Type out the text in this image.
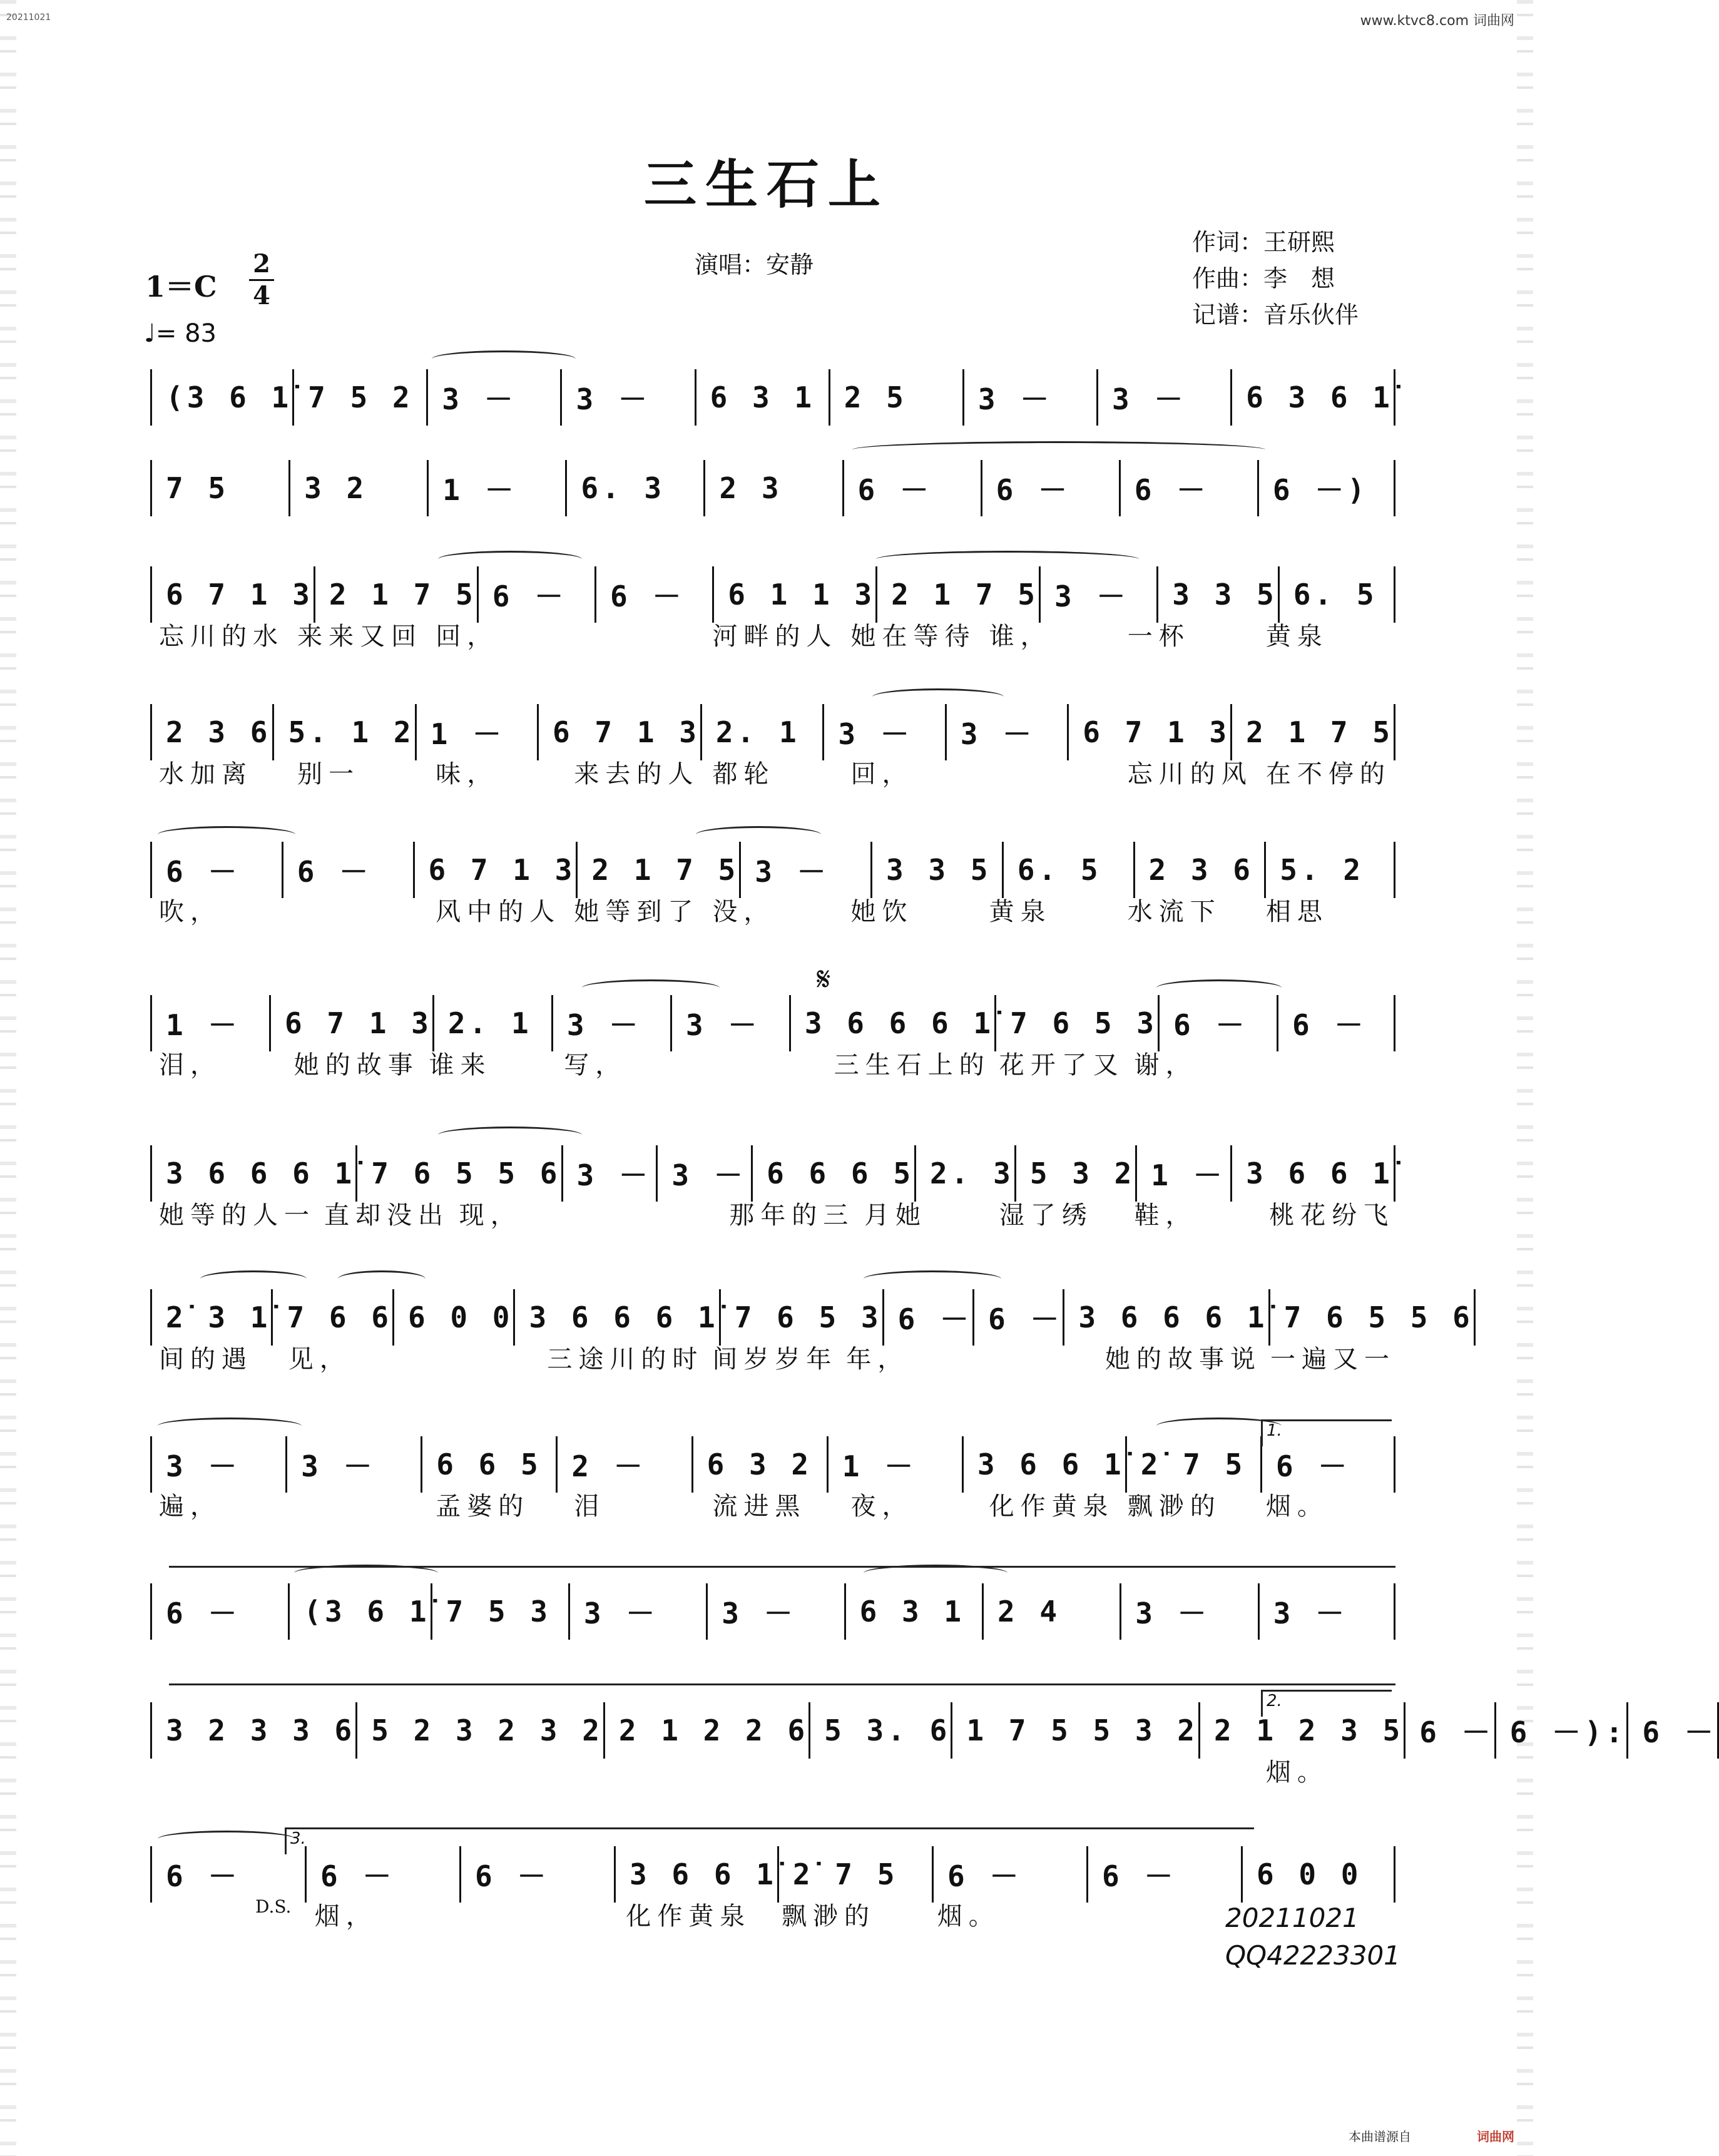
20211021	www.ktvc8.com 词曲网
三生石上
演唱：安静
作词：王研熙
作曲：李　想
记谱：音乐伙伴
1＝C
2
4
♩= 83
(3 6 1̇ 7 5 2 3 －	3 －	6 3 1 2 5	3 －	3 －	6 3 6 1̇
7 5	3 2	1 －	6. 3	2 3	6 －	6 －	6 －	6 －)
6 7 1 3 2 1 7 5 6 －	6 －	6 1 1 3 2 1 7 5 3 －	3 3 5 6. 5
忘川的水 来来又回 回，	河畔的人 她在等待 谁，	一杯	黄泉
2 3 6 5. 1 2 1 －	6 7 1 3 2. 1	3 －	3 －	6 7 1 3 2 1 7 5
水加离	别一	味，	来去的人 都轮	回，	忘川的风 在不停的
6 －	6 －	6 7 1 3 2 1 7 5 3 －	3 3 5 6. 5	2 3 6 5. 2
吹，	风中的人 她等到了 没，	她饮	黄泉	水流下	相思
1 －	6 7 1 3 2. 1	3 －	3 －	3 6 6 6 1̇ 7 6 5 3 6 －	6 －
泪，	她的故事 谁来	写，	三生石上的 花开了又 谢，
3 6 6 6 1̇ 7 6 5 5 6 3 － 3 － 6 6 6 5 2. 3 5 3 2 1 － 3 6 6 1̇
她等的人一 直却没出 现，	那年的三 月她	湿了绣	鞋，	桃花纷飞
2̇ 3 1̇ 7 6 6 6 0 0 3 6 6 6 1̇ 7 6 5 3 6 － 6 － 3 6 6 6 1̇ 7 6 5 5 6
间的遇	见，	三途川的时 间岁岁年 年，	她的故事说 一遍又一
3 －	3 －	6 6 5	2 －	6 3 2	1 －	3 6 6 1̇ 2̇ 7 5	6 －
遍，	孟婆的	泪	流进黑	夜，	化作黄泉 飘渺的	烟。
6 －	(3 6 1̇ 7 5 3	3 －	3 －	6 3 1	2 4	3 －	3 －
3 2 3 3 6 5 2 3 2 3 2 2 1 2 2 6 5 3. 6 1 7 5 5 3 2 2 1 2 3 5 6 － 6 －): 6 －
烟。
6 －	6 －	6 －	3 6 6 1̇ 2̇ 7 5	6 －	6 －	6 0 0
烟，	化作黄泉	飘渺的	烟。
1.
2.
3.
D.S.
𝄋
20211021
QQ42223301
本曲谱源自	词曲网
